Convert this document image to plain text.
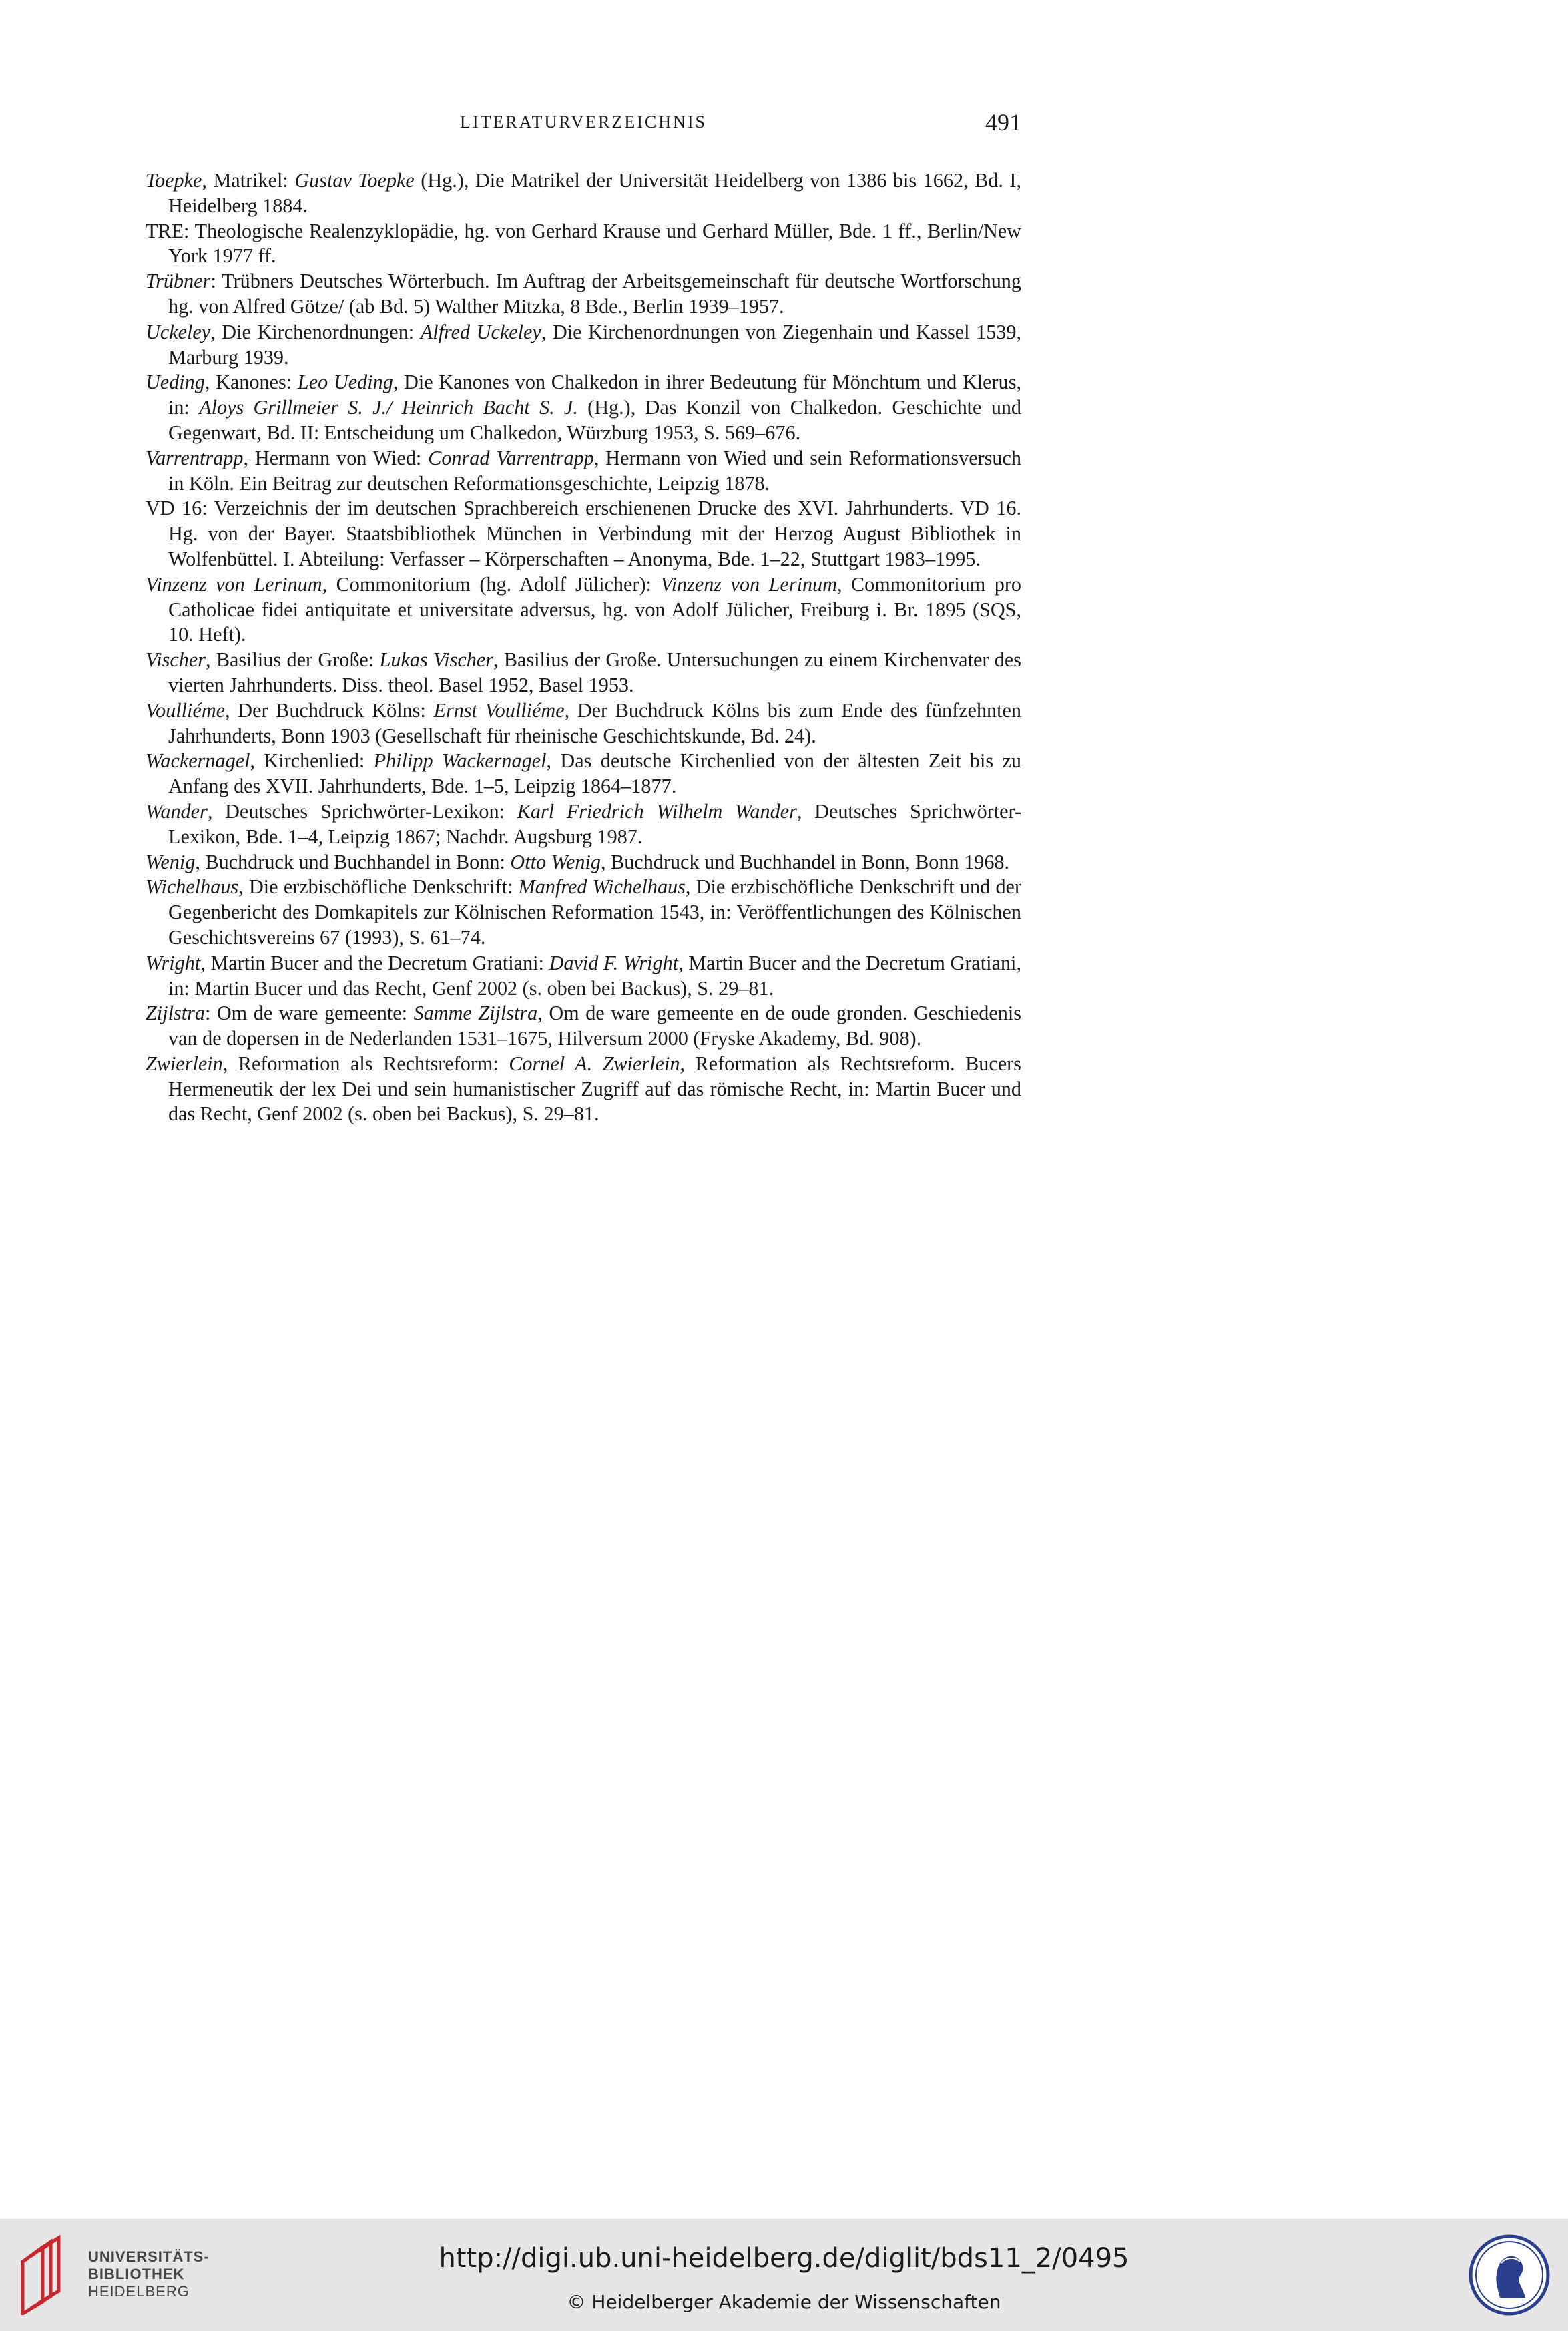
LITERATURVERZEICHNIS	491

Toepke, Matrikel: Gustav Toepke (Hg.), Die Matrikel der Universität Heidelberg von 1386 bis 1662, Bd. I, Heidelberg 1884.

TRE: Theologische Realenzyklopädie, hg. von Gerhard Krause und Gerhard Müller, Bde. 1 ff., Berlin/New York 1977 ff.

Trübner: Trübners Deutsches Wörterbuch. Im Auftrag der Arbeitsgemeinschaft für deutsche Wortforschung hg. von Alfred Götze/ (ab Bd. 5) Walther Mitzka, 8 Bde., Berlin 1939–1957.

Uckeley, Die Kirchenordnungen: Alfred Uckeley, Die Kirchenordnungen von Ziegenhain und Kassel 1539, Marburg 1939.

Ueding, Kanones: Leo Ueding, Die Kanones von Chalkedon in ihrer Bedeutung für Mönchtum und Klerus, in: Aloys Grillmeier S. J./ Heinrich Bacht S. J. (Hg.), Das Konzil von Chalkedon. Geschichte und Gegenwart, Bd. II: Entscheidung um Chalkedon, Würzburg 1953, S. 569–676.

Varrentrapp, Hermann von Wied: Conrad Varrentrapp, Hermann von Wied und sein Reformationsversuch in Köln. Ein Beitrag zur deutschen Reformationsgeschichte, Leipzig 1878.

VD 16: Verzeichnis der im deutschen Sprachbereich erschienenen Drucke des XVI. Jahrhunderts. VD 16. Hg. von der Bayer. Staatsbibliothek München in Verbindung mit der Herzog August Bibliothek in Wolfenbüttel. I. Abteilung: Verfasser – Körperschaften – Anonyma, Bde. 1–22, Stuttgart 1983–1995.

Vinzenz von Lerinum, Commonitorium (hg. Adolf Jülicher): Vinzenz von Lerinum, Commonitorium pro Catholicae fidei antiquitate et universitate adversus, hg. von Adolf Jülicher, Freiburg i. Br. 1895 (SQS, 10. Heft).

Vischer, Basilius der Große: Lukas Vischer, Basilius der Große. Untersuchungen zu einem Kirchenvater des vierten Jahrhunderts. Diss. theol. Basel 1952, Basel 1953.

Voulliéme, Der Buchdruck Kölns: Ernst Voulliéme, Der Buchdruck Kölns bis zum Ende des fünfzehnten Jahrhunderts, Bonn 1903 (Gesellschaft für rheinische Geschichtskunde, Bd. 24).

Wackernagel, Kirchenlied: Philipp Wackernagel, Das deutsche Kirchenlied von der ältesten Zeit bis zu Anfang des XVII. Jahrhunderts, Bde. 1–5, Leipzig 1864–1877.

Wander, Deutsches Sprichwörter-Lexikon: Karl Friedrich Wilhelm Wander, Deutsches Sprichwörter-Lexikon, Bde. 1–4, Leipzig 1867; Nachdr. Augsburg 1987.

Wenig, Buchdruck und Buchhandel in Bonn: Otto Wenig, Buchdruck und Buchhandel in Bonn, Bonn 1968.

Wichelhaus, Die erzbischöfliche Denkschrift: Manfred Wichelhaus, Die erzbischöfliche Denkschrift und der Gegenbericht des Domkapitels zur Kölnischen Reformation 1543, in: Veröffentlichungen des Kölnischen Geschichtsvereins 67 (1993), S. 61–74.

Wright, Martin Bucer and the Decretum Gratiani: David F. Wright, Martin Bucer and the Decretum Gratiani, in: Martin Bucer und das Recht, Genf 2002 (s. oben bei Backus), S. 29–81.

Zijlstra: Om de ware gemeente: Samme Zijlstra, Om de ware gemeente en de oude gronden. Geschiedenis van de dopersen in de Nederlanden 1531–1675, Hilversum 2000 (Fryske Akademy, Bd. 908).

Zwierlein, Reformation als Rechtsreform: Cornel A. Zwierlein, Reformation als Rechtsreform. Bucers Hermeneutik der lex Dei und sein humanistischer Zugriff auf das römische Recht, in: Martin Bucer und das Recht, Genf 2002 (s. oben bei Backus), S. 29–81.

UNIVERSITÄTS-
BIBLIOTHEK
HEIDELBERG
http://digi.ub.uni-heidelberg.de/diglit/bds11_2/0495
© Heidelberger Akademie der Wissenschaften
